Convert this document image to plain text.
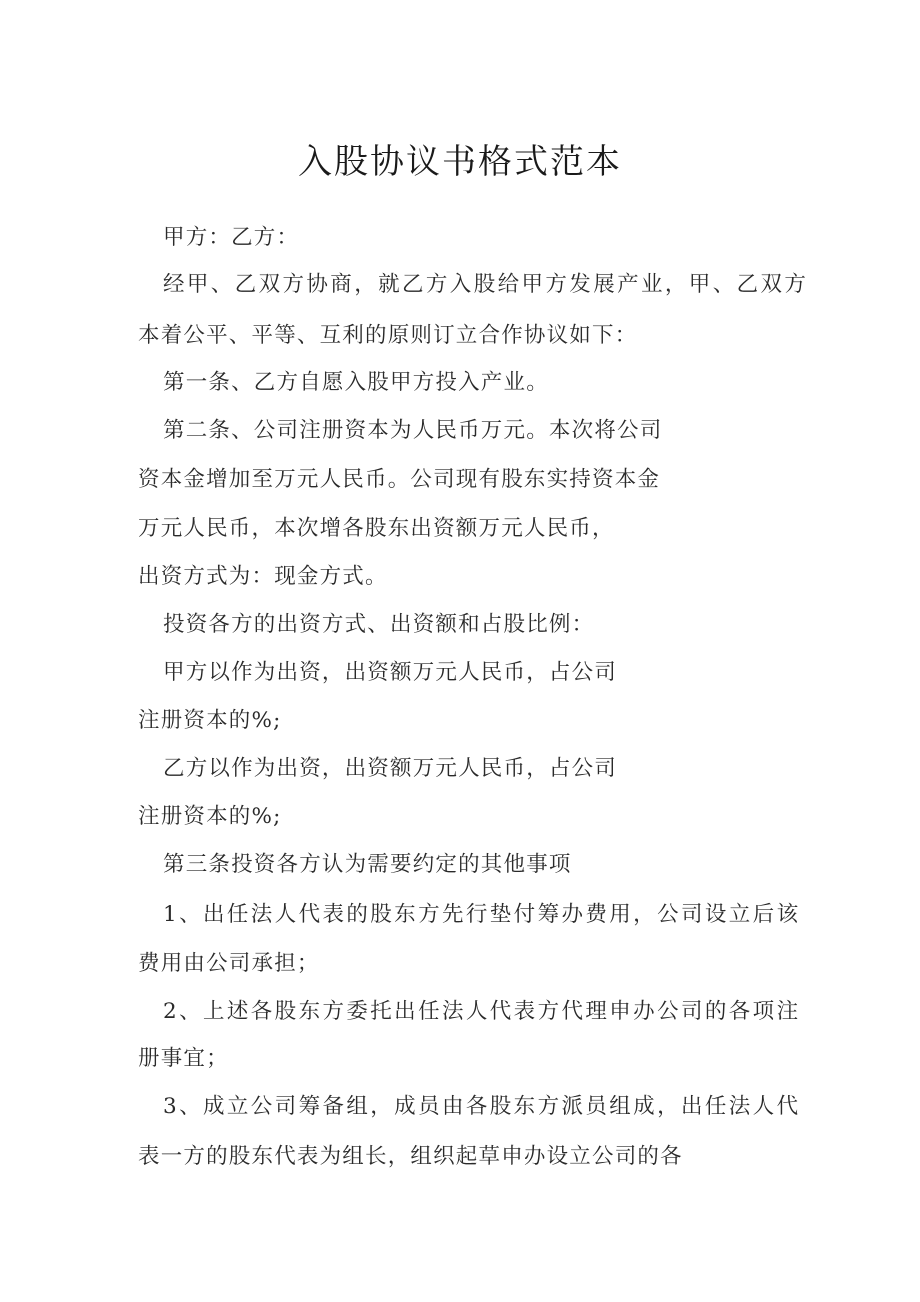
入股协议书格式范本

甲方：乙方：

经甲、乙双方协商，就乙方入股给甲方发展产业，甲、乙双方

本着公平、平等、互利的原则订立合作协议如下：

第一条、乙方自愿入股甲方投入产业。

第二条、公司注册资本为人民币万元。本次将公司

资本金增加至万元人民币。公司现有股东实持资本金

万元人民币，本次增各股东出资额万元人民币，

出资方式为：现金方式。

投资各方的出资方式、出资额和占股比例：

甲方以作为出资，出资额万元人民币，占公司

注册资本的%;

乙方以作为出资，出资额万元人民币，占公司

注册资本的%;

第三条投资各方认为需要约定的其他事项

1、出任法人代表的股东方先行垫付筹办费用，公司设立后该

费用由公司承担；

2、上述各股东方委托出任法人代表方代理申办公司的各项注

册事宜；

3、成立公司筹备组，成员由各股东方派员组成，出任法人代

表一方的股东代表为组长，组织起草申办设立公司的各
